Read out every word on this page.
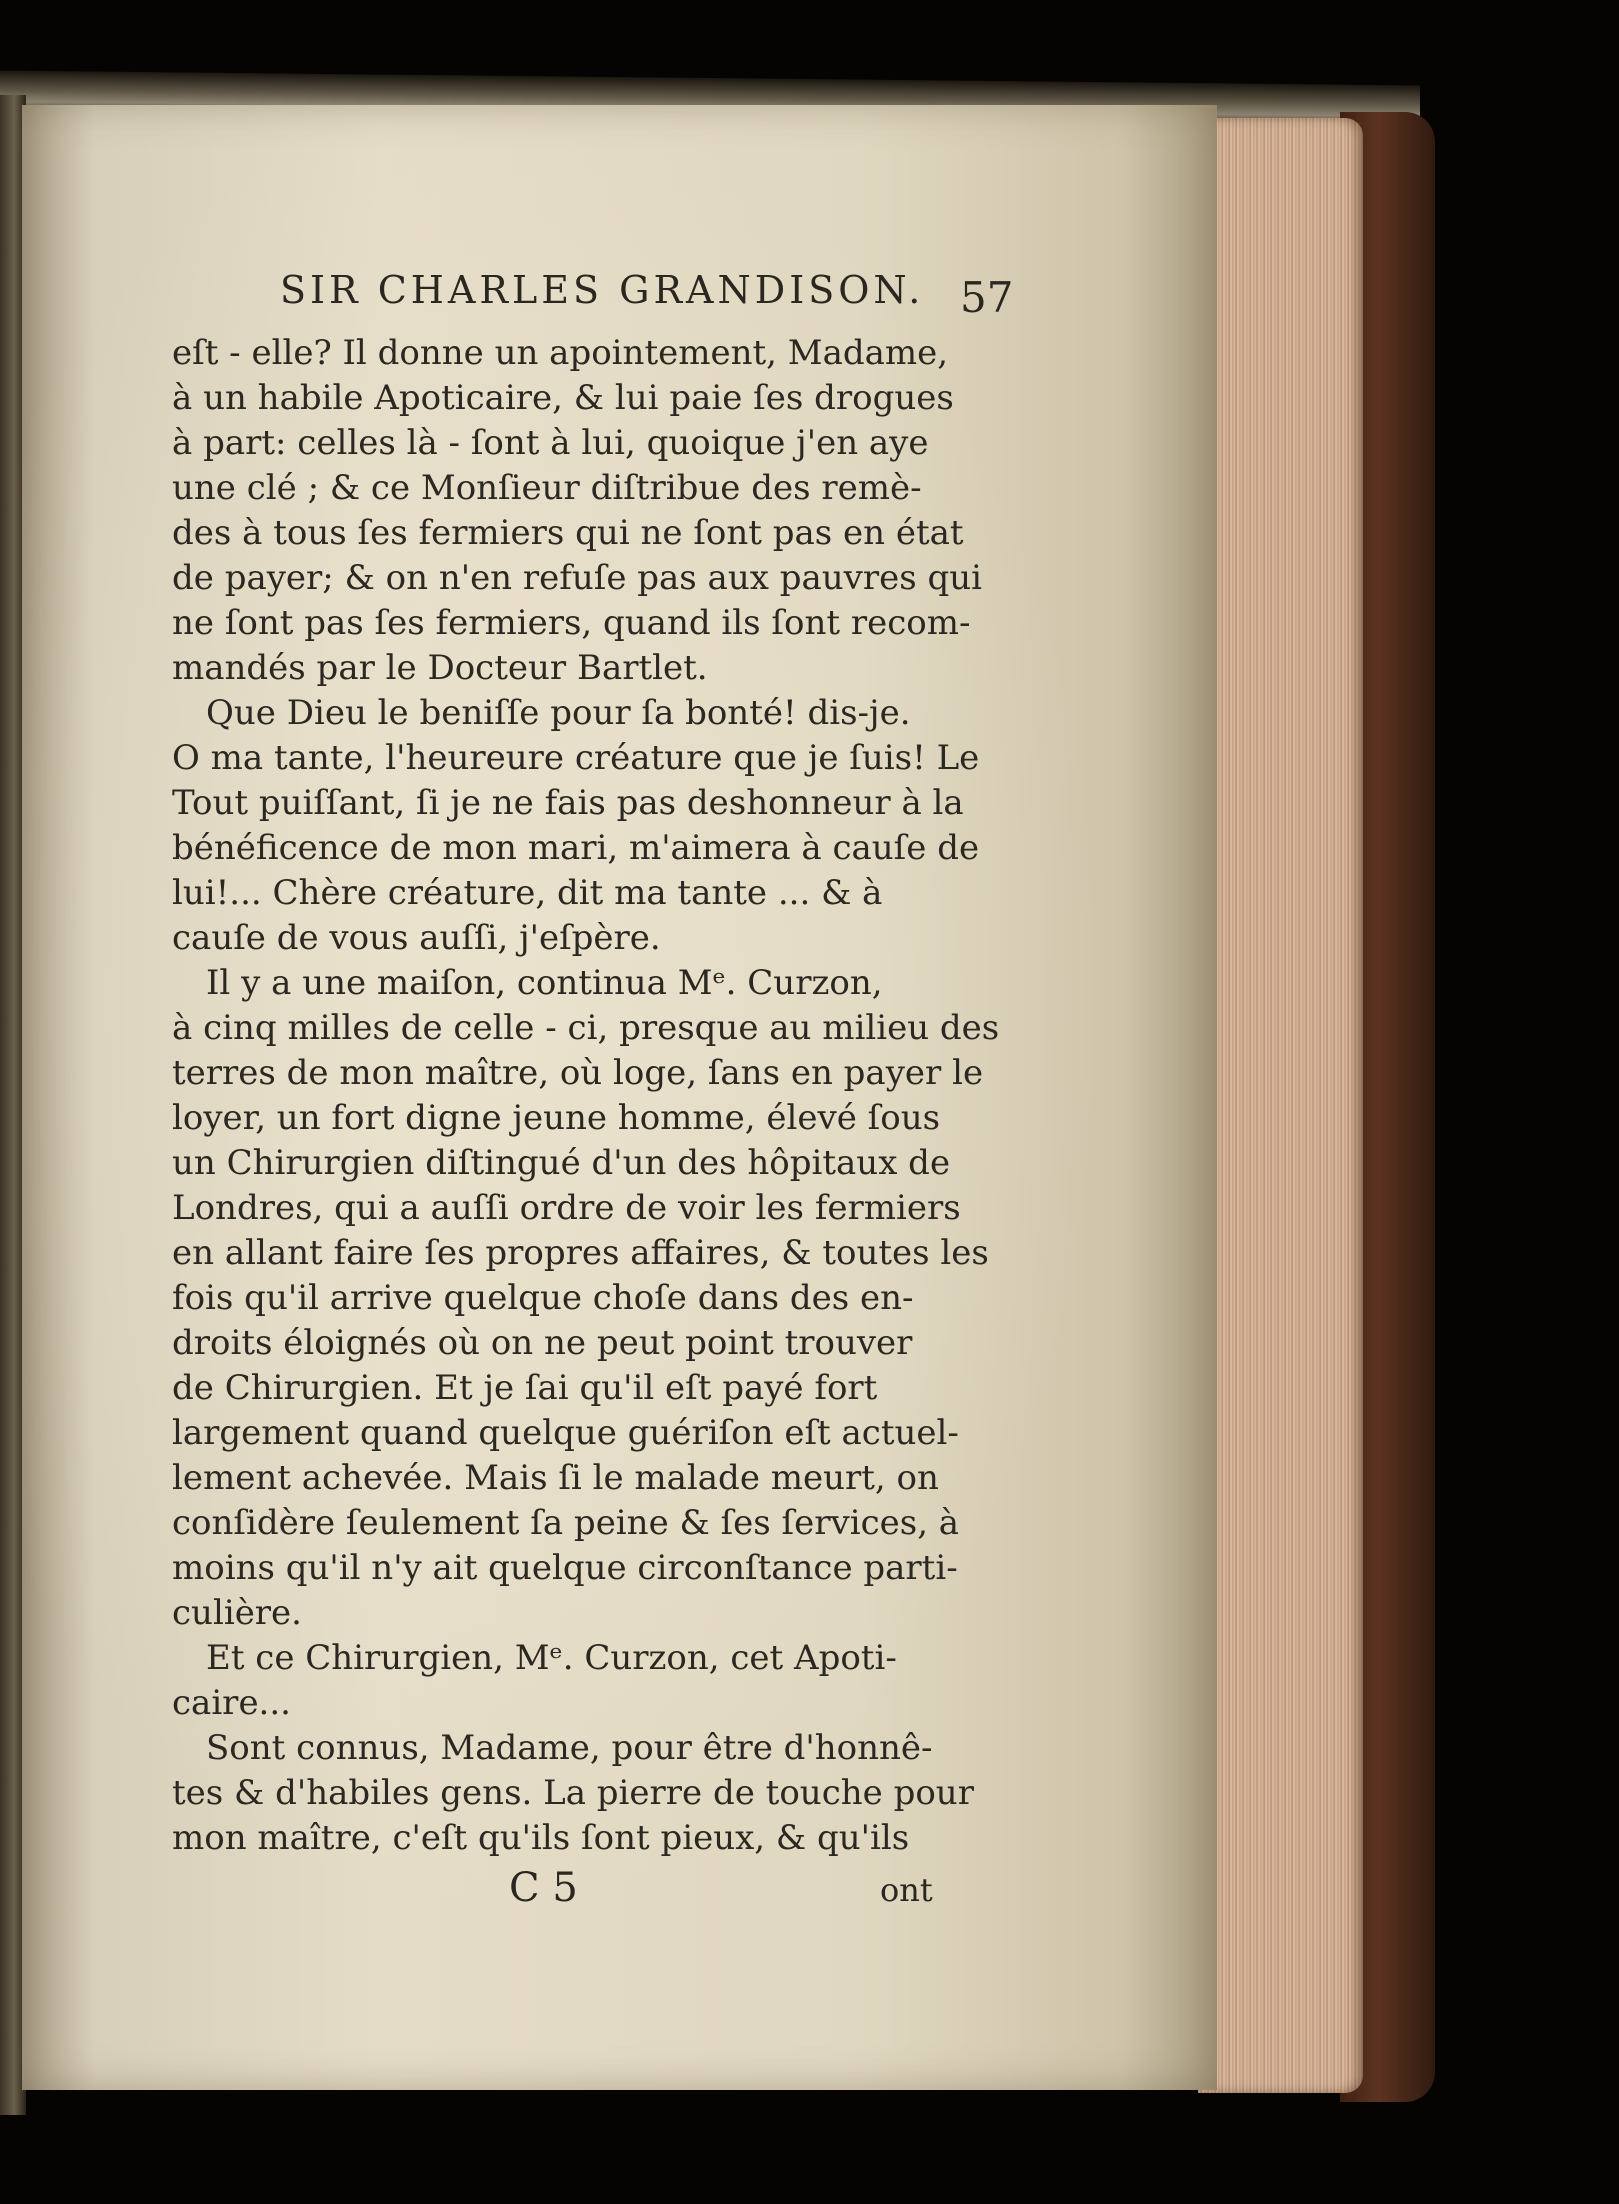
SIR CHARLES GRANDISON. 57
eſt - elle? Il donne un apointement, Madame,
à un habile Apoticaire, & lui paie ſes drogues
à part: celles là - ſont à lui, quoique j'en aye
une clé ; & ce Monſieur diſtribue des remè-
des à tous ſes fermiers qui ne ſont pas en état
de payer; & on n'en refuſe pas aux pauvres qui
ne ſont pas ſes fermiers, quand ils ſont recom-
mandés par le Docteur Bartlet.
Que Dieu le beniſſe pour ſa bonté! dis-je.
O ma tante, l'heureure créature que je ſuis! Le
Tout puiſſant, ſi je ne fais pas deshonneur à la
bénéficence de mon mari, m'aimera à cauſe de
lui!... Chère créature, dit ma tante ... & à
cauſe de vous auſſi, j'eſpère.
Il y a une maiſon, continua Mᵉ. Curzon,
à cinq milles de celle - ci, presque au milieu des
terres de mon maître, où loge, ſans en payer le
loyer, un fort digne jeune homme, élevé ſous
un Chirurgien diſtingué d'un des hôpitaux de
Londres, qui a auſſi ordre de voir les fermiers
en allant faire ſes propres affaires, & toutes les
fois qu'il arrive quelque choſe dans des en-
droits éloignés où on ne peut point trouver
de Chirurgien. Et je ſai qu'il eſt payé fort
largement quand quelque guériſon eſt actuel-
lement achevée. Mais ſi le malade meurt, on
conſidère ſeulement ſa peine & ſes ſervices, à
moins qu'il n'y ait quelque circonſtance parti-
culière.
Et ce Chirurgien, Mᵉ. Curzon, cet Apoti-
caire...
Sont connus, Madame, pour être d'honnê-
tes & d'habiles gens. La pierre de touche pour
mon maître, c'eſt qu'ils ſont pieux, & qu'ils
C 5	ont
